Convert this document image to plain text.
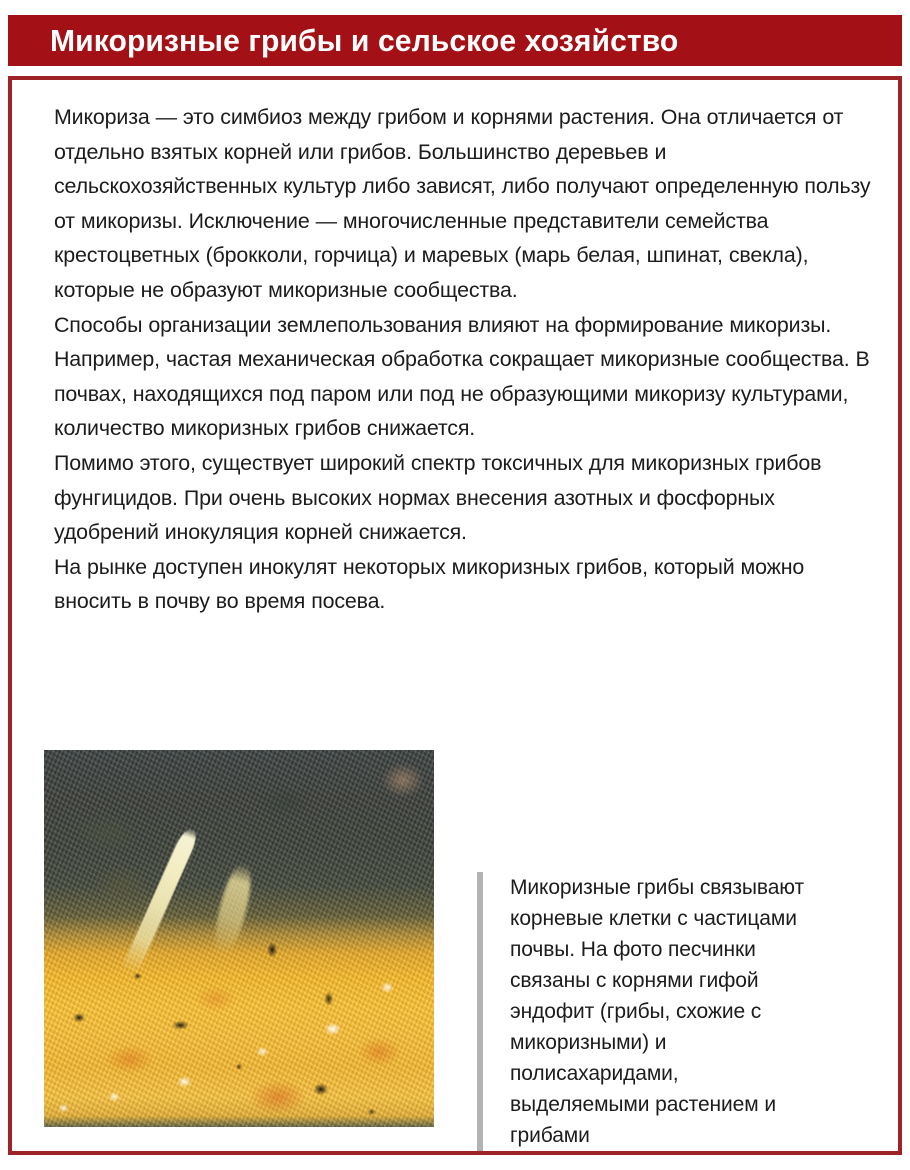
Микоризные грибы и сельское хозяйство

Микориза — это симбиоз между грибом и корнями растения. Она отличается от отдельно взятых корней или грибов. Большинство деревьев и сельскохозяйственных культур либо зависят, либо получают определенную пользу от микоризы. Исключение — многочисленные представители семейства крестоцветных (брокколи, горчица) и маревых (марь белая, шпинат, свекла), которые не образуют микоризные сообщества.

Способы организации землепользования влияют на формирование микоризы. Например, частая механическая обработка сокращает микоризные сообщества. В почвах, находящихся под паром или под не образующими микоризу культурами, количество микоризных грибов снижается.

Помимо этого, существует широкий спектр токсичных для микоризных грибов фунгицидов. При очень высоких нормах внесения азотных и фосфорных удобрений инокуляция корней снижается.

На рынке доступен инокулят некоторых микоризных грибов, который можно вносить в почву во время посева.

Микоризные грибы связывают корневые клетки с частицами почвы. На фото песчинки связаны с корнями гифой эндофит (грибы, схожие с микоризными) и полисахаридами, выделяемыми растением и грибами
